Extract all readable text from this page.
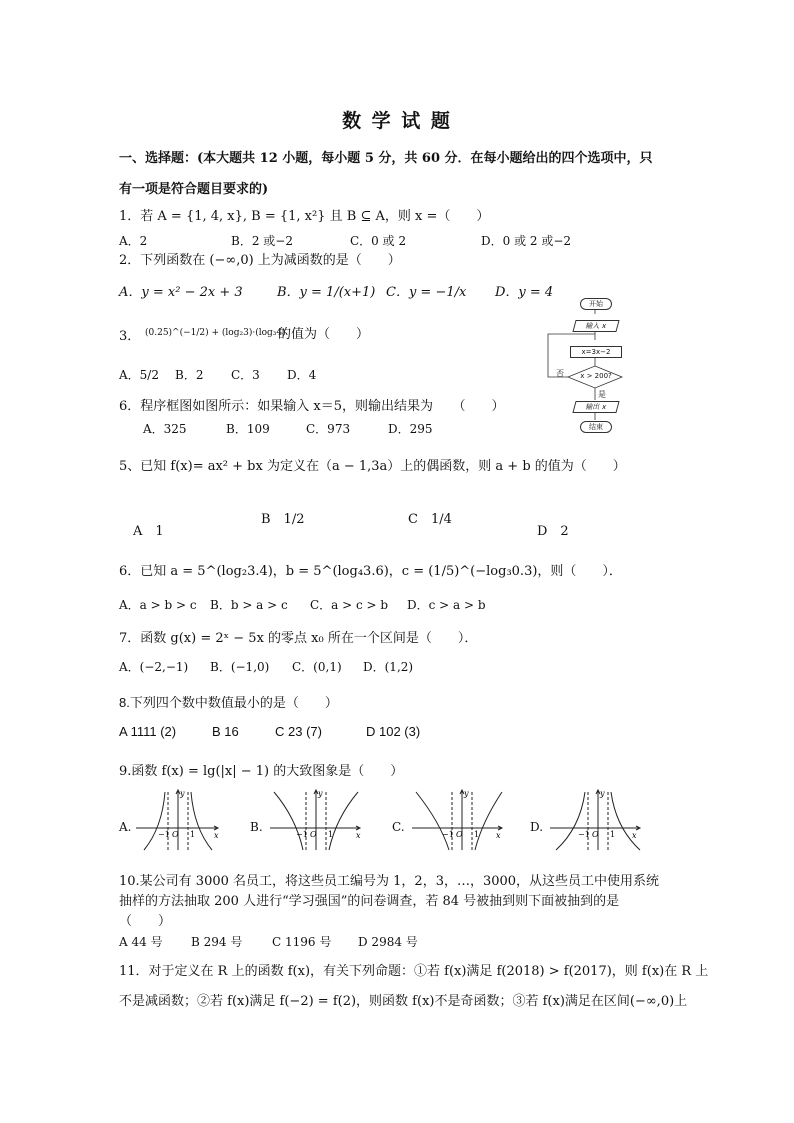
数 学 试 题
一、选择题：(本大题共 12 小题，每小题 5 分，共 60 分．在每小题给出的四个选项中，只
有一项是符合题目要求的)
1．若 A = {1, 4, x}, B = {1, x²} 且 B ⊆ A，则 x =（　　）
A．2	B．2 或−2	C．0 或 2	D．0 或 2 或−2
2．下列函数在 (−∞,0) 上为减函数的是（　　）
A．y = x² − 2x + 3	B．y = 1/(x+1) C．y = −1/x D．y = 4
3． (0.25)^(−1/2) + (log₂3)·(log₃4)
的值为（　　）
A．5/2 B．2 C．3 D．4
开始
输入 x
x=3x−2
x > 200?
否
是
输出 x
结束
6．程序框图如图所示：如果输入 x＝5，则输出结果为　　（　　）
A．325	B．109	C．973	D．295
5、已知 f(x)= ax² + bx 为定义在（a − 1,3a）上的偶函数，则 a + b 的值为（　　）
A　1
B　1/2	C　1/4
D　2
6．已知 a = 5^(log₂3.4)，b = 5^(log₄3.6)，c = (1/5)^(−log₃0.3)，则（　　）．
A．a > b > c B．b > a > c C．a > c > b D．c > a > b
7．函数 g(x) = 2ˣ − 5x 的零点 x₀ 所在一个区间是（　　）．
A．(−2,−1) B．(−1,0) C．(0,1) D．(1,2)
8.下列四个数中数值最小的是（　　）
A 1111 (2)	B 16	C 23 (7)	D 102 (3)
9.函数 f(x) = lg(|x| − 1) 的大致图象是（　　）
A.	B.	C.	D.
y
x
−1 O 1
y
x
−1 O 1
y
x
−1 O 1
y
x
−1 O 1
10.某公司有 3000 名员工，将这些员工编号为 1，2，3，…，3000，从这些员工中使用系统
抽样的方法抽取 200 人进行“学习强国”的问卷调查，若 84 号被抽到则下面被抽到的是
（　　）
A 44 号 B 294 号 C 1196 号 D 2984 号
11．对于定义在 R 上的函数 f(x)，有关下列命题：①若 f(x)满足 f(2018) > f(2017)，则 f(x)在 R 上
不是减函数；②若 f(x)满足 f(−2) = f(2)，则函数 f(x)不是奇函数；③若 f(x)满足在区间(−∞,0)上
